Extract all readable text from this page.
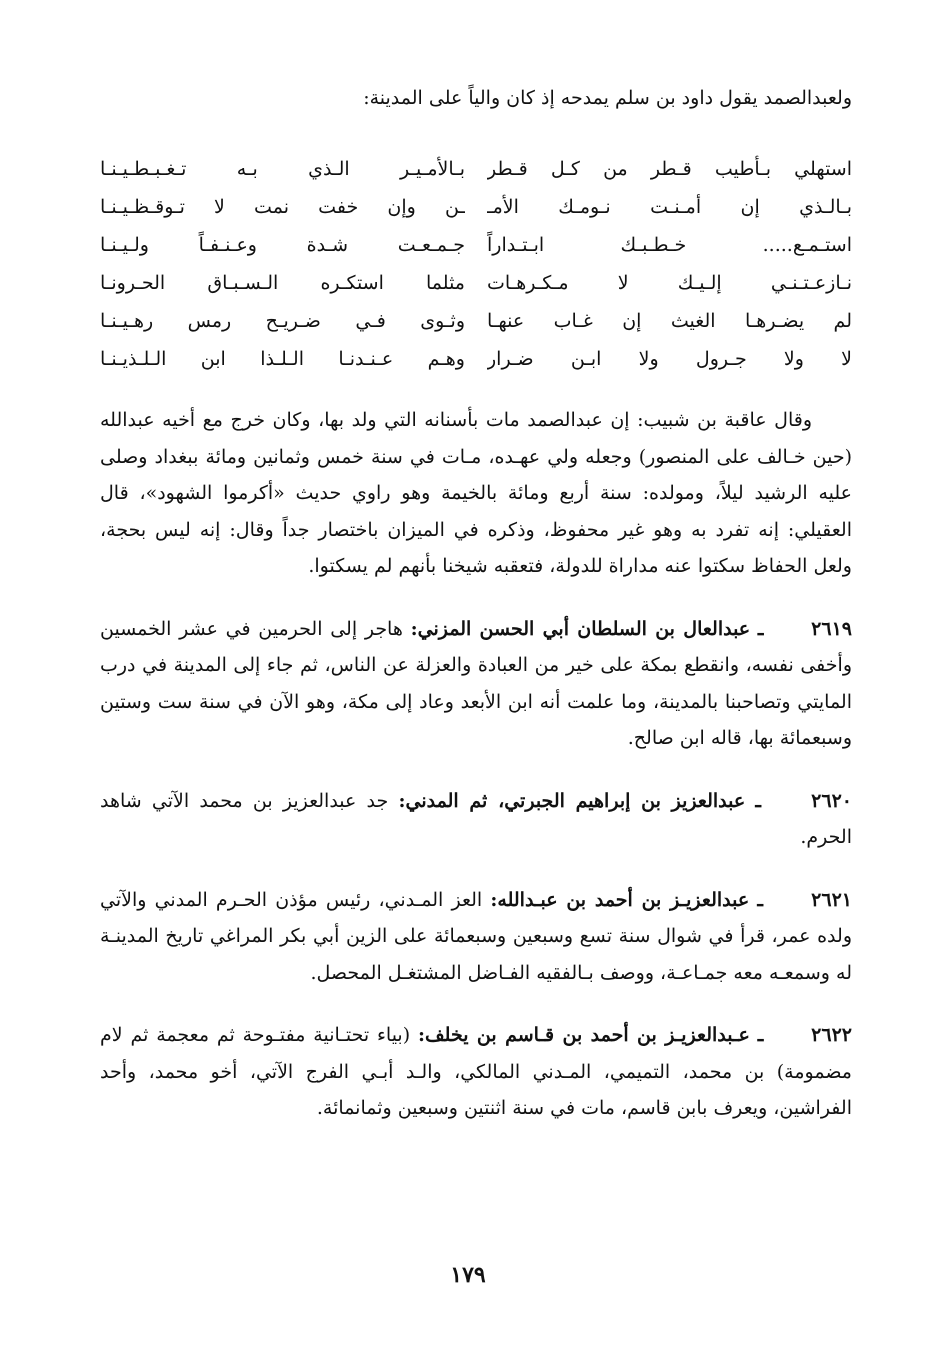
ولعبدالصمد يقول داود بن سلم يمدحه إذ كان والياً على المدينة:

استهلي بـأطيب قـطر من كـل قـطر
بـالأمـيـر الـذي بـه تـغـبـطـيـنـا
بـالـذي إن أمـنـت نـومـك الأمـ
ـن وإن خفت نمت لا تـوقـظـيـنـا
استـمـع..... خـطـبـك ابـتـداراً
جـمـعـت شـدة وعـنـفـاً ولـيـنـا
نـازعـتـنـي إلـيـك لا مـكـرهـات
مثلما استكـره الـسـبـاق الحـرونـا
لم يضـرهـا الغيث إن غـاب عنهـا
وثـوى فـي ضـريـح رمس رهـيـنـا
لا ولا جـرول ولا ابـن ضـرار
وهـم عـنـدنـا الـلـذا ابن الـلـذيـنـا

وقال عاقبة بن شبيب: إن عبدالصمد مات بأسنانه التي ولد بها، وكان خرج مع أخيه عبدالله (حين خـالف على المنصور) وجعله ولي عهـده، مـات في سنة خمس وثمانين ومائة ببغداد وصلى عليه الرشيد ليلاً، ومولده: سنة أربع ومائة بالخيمة وهو راوي حديث «أكرموا الشهود»، قال العقيلي: إنه تفرد به وهو غير محفوظ، وذكره في الميزان باختصار جداً وقال: إنه ليس بحجة، ولعل الحفاظ سكتوا عنه مداراة للدولة، فتعقبه شيخنا بأنهم لم يسكتوا.

٢٦١٩ ـ عبدالعال بن السلطان أبي الحسن المزني: هاجر إلى الحرمين في عشر الخمسين وأخفى نفسه، وانقطع بمكة على خير من العبادة والعزلة عن الناس، ثم جاء إلى المدينة في درب المايتي وتصاحبنا بالمدينة، وما علمت أنه ابن الأبعد وعاد إلى مكة، وهو الآن في سنة ست وستين وسبعمائة بها، قاله ابن صالح.

٢٦٢٠ ـ عبدالعزيز بن إبراهيم الجبرتي، ثم المدني: جد عبدالعزيز بن محمد الآتي شاهد الحرم.

٢٦٢١ ـ عبدالعزيـز بن أحمد بن عبـدالله: العز المـدني، رئيس مؤذن الحـرم المدني والآتي ولده عمر، قرأ في شوال سنة تسع وسبعين وسبعمائة على الزين أبي بكر المراغي تاريخ المدينـة له وسمعـه معه جمـاعـة، ووصف بـالفقيه الفـاضل المشتغـل المحصل.

٢٦٢٢ ـ عـبدالعزيـز بن أحمد بن قـاسم بن يخلف: (بياء تحتـانية مفتـوحة ثم معجمة ثم لام مضمومة) بن محمد، التميمي، المـدني المالكي، والـد أبـي الفرج الآتي، أخو محمد، وأحد الفراشين، ويعرف بابن قاسم، مات في سنة اثنتين وسبعين وثمانمائة.

١٧٩
